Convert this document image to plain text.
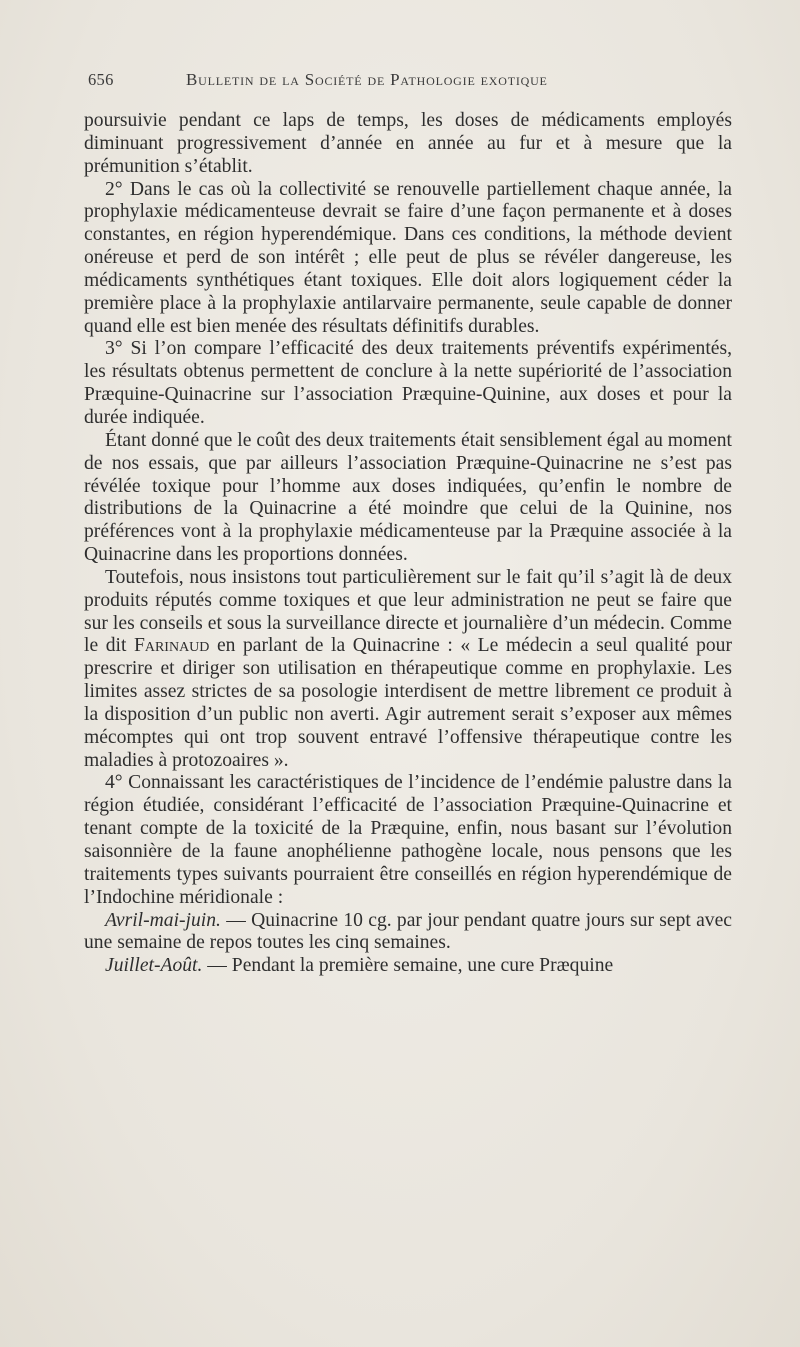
656	Bulletin de la Société de Pathologie exotique

poursuivie pendant ce laps de temps, les doses de médicaments employés diminuant progressivement d’année en année au fur et à mesure que la prémunition s’établit.

2° Dans le cas où la collectivité se renouvelle partiellement chaque année, la prophylaxie médicamenteuse devrait se faire d’une façon permanente et à doses constantes, en région hyperendémique. Dans ces conditions, la méthode devient onéreuse et perd de son intérêt ; elle peut de plus se révéler dangereuse, les médicaments synthétiques étant toxiques. Elle doit alors logiquement céder la première place à la prophylaxie antilarvaire permanente, seule capable de donner quand elle est bien menée des résultats définitifs durables.

3° Si l’on compare l’efficacité des deux traitements préventifs expérimentés, les résultats obtenus permettent de conclure à la nette supériorité de l’association Præquine-Quinacrine sur l’association Præquine-Quinine, aux doses et pour la durée indiquée.

Étant donné que le coût des deux traitements était sensiblement égal au moment de nos essais, que par ailleurs l’association Præquine-Quinacrine ne s’est pas révélée toxique pour l’homme aux doses indiquées, qu’enfin le nombre de distributions de la Quinacrine a été moindre que celui de la Quinine, nos préférences vont à la prophylaxie médicamenteuse par la Præquine associée à la Quinacrine dans les proportions données.

Toutefois, nous insistons tout particulièrement sur le fait qu’il s’agit là de deux produits réputés comme toxiques et que leur administration ne peut se faire que sur les conseils et sous la surveillance directe et journalière d’un médecin. Comme le dit Farinaud en parlant de la Quinacrine : « Le médecin a seul qualité pour prescrire et diriger son utilisation en thérapeutique comme en prophylaxie. Les limites assez strictes de sa posologie interdisent de mettre librement ce produit à la disposition d’un public non averti. Agir autrement serait s’exposer aux mêmes mécomptes qui ont trop souvent entravé l’offensive thérapeutique contre les maladies à protozoaires ».

4° Connaissant les caractéristiques de l’incidence de l’endémie palustre dans la région étudiée, considérant l’efficacité de l’association Præquine-Quinacrine et tenant compte de la toxicité de la Præquine, enfin, nous basant sur l’évolution saisonnière de la faune anophélienne pathogène locale, nous pensons que les traitements types suivants pourraient être conseillés en région hyperendémique de l’Indochine méridionale :

Avril-mai-juin. — Quinacrine 10 cg. par jour pendant quatre jours sur sept avec une semaine de repos toutes les cinq semaines.

Juillet-Août. — Pendant la première semaine, une cure Præquine
